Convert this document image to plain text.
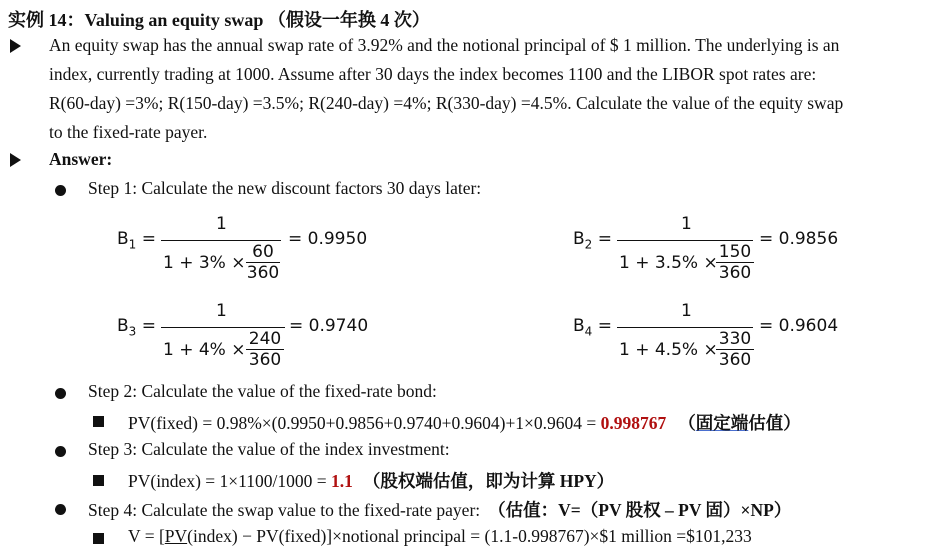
实例 14：Valuing an equity swap （假设一年换 4 次）
An equity swap has the annual swap rate of 3.92% and the notional principal of $ 1 million. The underlying is an
index, currently trading at 1000. Assume after 30 days the index becomes 1100 and the LIBOR spot rates are:
R(60-day) =3%; R(150-day) =3.5%; R(240-day) =4%; R(330-day) =4.5%. Calculate the value of the equity swap
to the fixed-rate payer.
Answer:
Step 1: Calculate the new discount factors 30 days later:
$B_1$ =
1
$1 + 3\% \times \frac{60}{360}$
= 0.9950	$B_2$ =
1
1 + 3.5% ×
$\frac{150}{360}$
= 0.9856
$B_3$ =
1
$1 + 4\% \times \frac{240}{360}$
= 0.9740	$B_4$ =
1
1 + 4.5% ×
$\frac{330}{360}$
= 0.9604
Step 2: Calculate the value of the fixed-rate bond:
PV(fixed) = 0.98%×(0.9950+0.9856+0.9740+0.9604)+1×0.9604 = 0.998767 （固定端估值）
Step 3: Calculate the value of the index investment:
PV(index) = 1×1100/1000 = 1.1 （股权端估值，即为计算 HPY）
Step 4: Calculate the swap value to the fixed-rate payer: （估值：V=（PV 股权 – PV 固）×NP）
V = [PV(index) − PV(fixed)]×notional principal = (1.1-0.998767)×$1 million =$101,233
